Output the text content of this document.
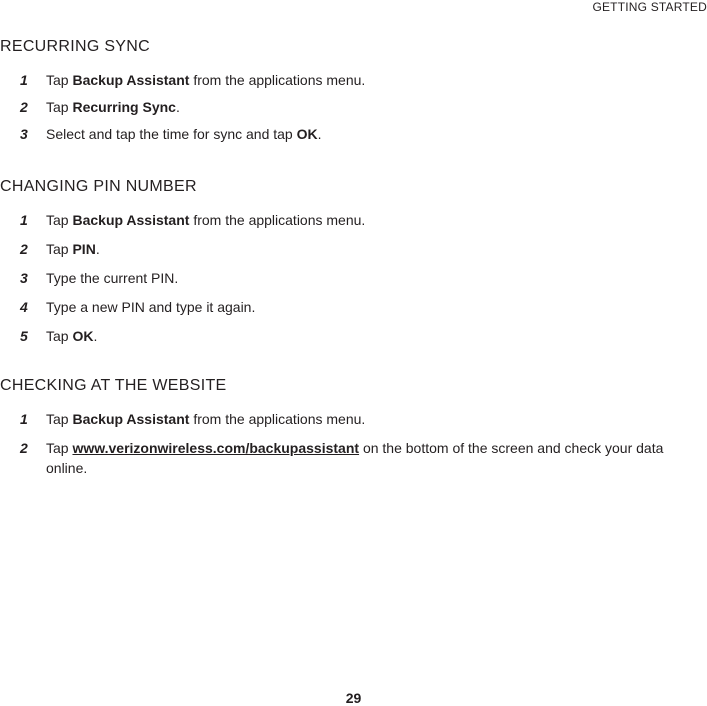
GETTING STARTED
RECURRING SYNC
1 Tap Backup Assistant from the applications menu.
2 Tap Recurring Sync.
3 Select and tap the time for sync and tap OK.
CHANGING PIN NUMBER
1 Tap Backup Assistant from the applications menu.
2 Tap PIN.
3 Type the current PIN.
4 Type a new PIN and type it again.
5 Tap OK.
CHECKING AT THE WEBSITE
1 Tap Backup Assistant from the applications menu.
2 Tap www.verizonwireless.com/backupassistant on the bottom of the screen and check your data online.
29
